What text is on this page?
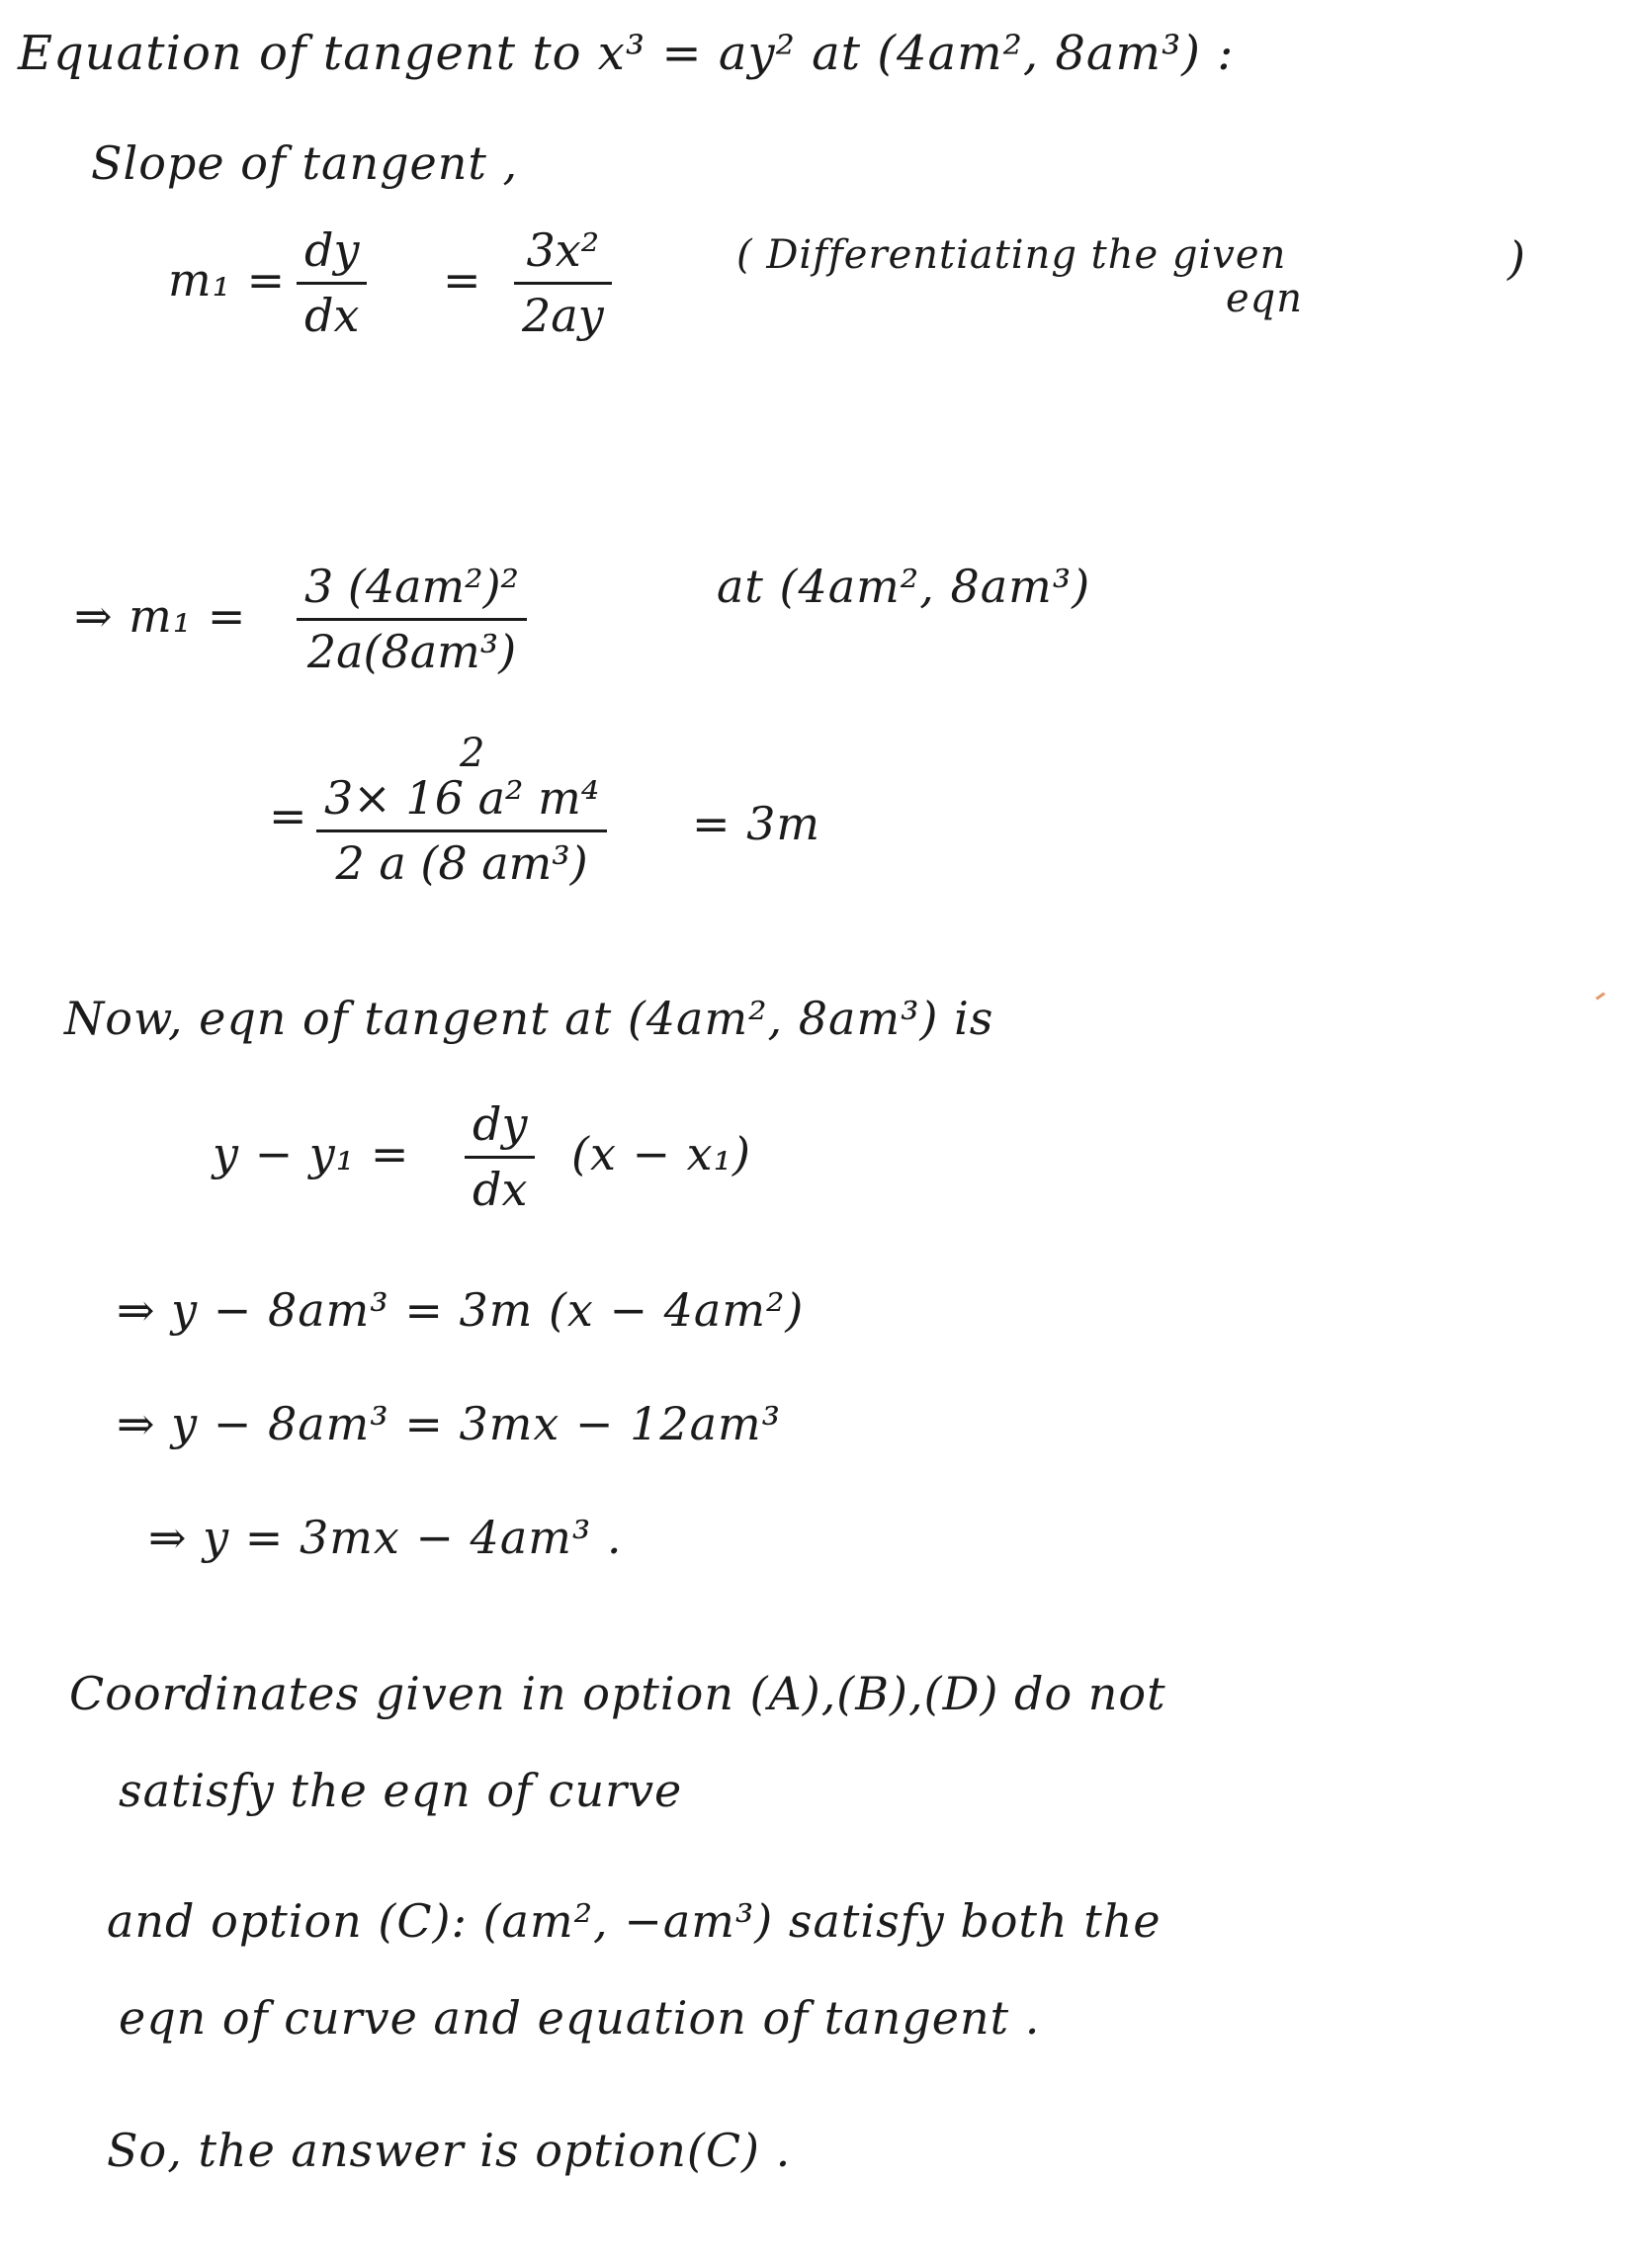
Equation of tangent to x³ = ay² at (4am², 8am³) :
Slope of tangent ,
m₁ =
dy
dx
=
3x²
2ay
( Differentiating the given
eqn
)
⇒ m₁ =
3 (4am²)²
2a(8am³)
at (4am², 8am³)
=
2
3× 16 a² m⁴
2 a (8 am³)
= 3m
Now, eqn of tangent at (4am², 8am³) is
y − y₁ =
dy
dx
(x − x₁)
⇒ y − 8am³ = 3m (x − 4am²)
⇒ y − 8am³ = 3mx − 12am³
⇒ y = 3mx − 4am³ .
Coordinates given in option (A),(B),(D) do not
satisfy the eqn of curve
and option (C): (am², −am³) satisfy both the
eqn of curve and equation of tangent .
So, the answer is option(C) .
